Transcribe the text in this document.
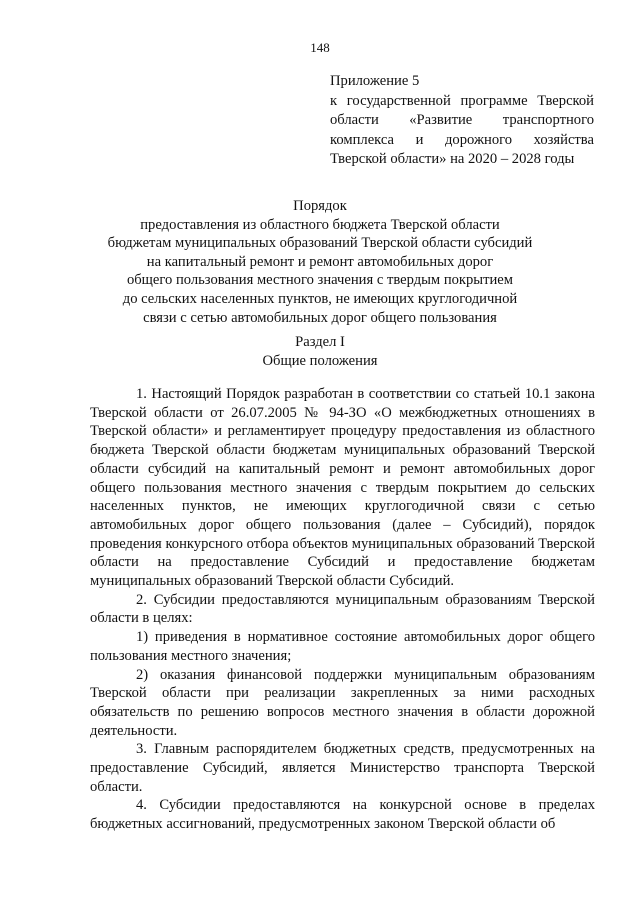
148
Приложение 5
к государственной программе Тверской
области «Развитие транспортного
комплекса и дорожного хозяйства
Тверской области» на 2020 – 2028 годы
Порядок
предоставления из областного бюджета Тверской области
бюджетам муниципальных образований Тверской области субсидий
на капитальный ремонт и ремонт автомобильных дорог
общего пользования местного значения с твердым покрытием
до сельских населенных пунктов, не имеющих круглогодичной
связи с сетью автомобильных дорог общего пользования
Раздел I
Общие положения

1. Настоящий Порядок разработан в соответствии со статьей 10.1 закона Тверской области от 26.07.2005 № 94-ЗО «О межбюджетных отношениях в Тверской области» и регламентирует процедуру предоставления из областного бюджета Тверской области бюджетам муниципальных образований Тверской области субсидий на капитальный ремонт и ремонт автомобильных дорог общего пользования местного значения с твердым покрытием до сельских населенных пунктов, не имеющих круглогодичной связи с сетью автомобильных дорог общего пользования (далее – Субсидий), порядок проведения конкурсного отбора объектов муниципальных образований Тверской области на предоставление Субсидий и предоставление бюджетам муниципальных образований Тверской области Субсидий.

2. Субсидии предоставляются муниципальным образованиям Тверской области в целях:

1) приведения в нормативное состояние автомобильных дорог общего пользования местного значения;

2) оказания финансовой поддержки муниципальным образованиям Тверской области при реализации закрепленных за ними расходных обязательств по решению вопросов местного значения в области дорожной деятельности.

3. Главным распорядителем бюджетных средств, предусмотренных на предоставление Субсидий, является Министерство транспорта Тверской области.

4. Субсидии предоставляются на конкурсной основе в пределах бюджетных ассигнований, предусмотренных законом Тверской области об
